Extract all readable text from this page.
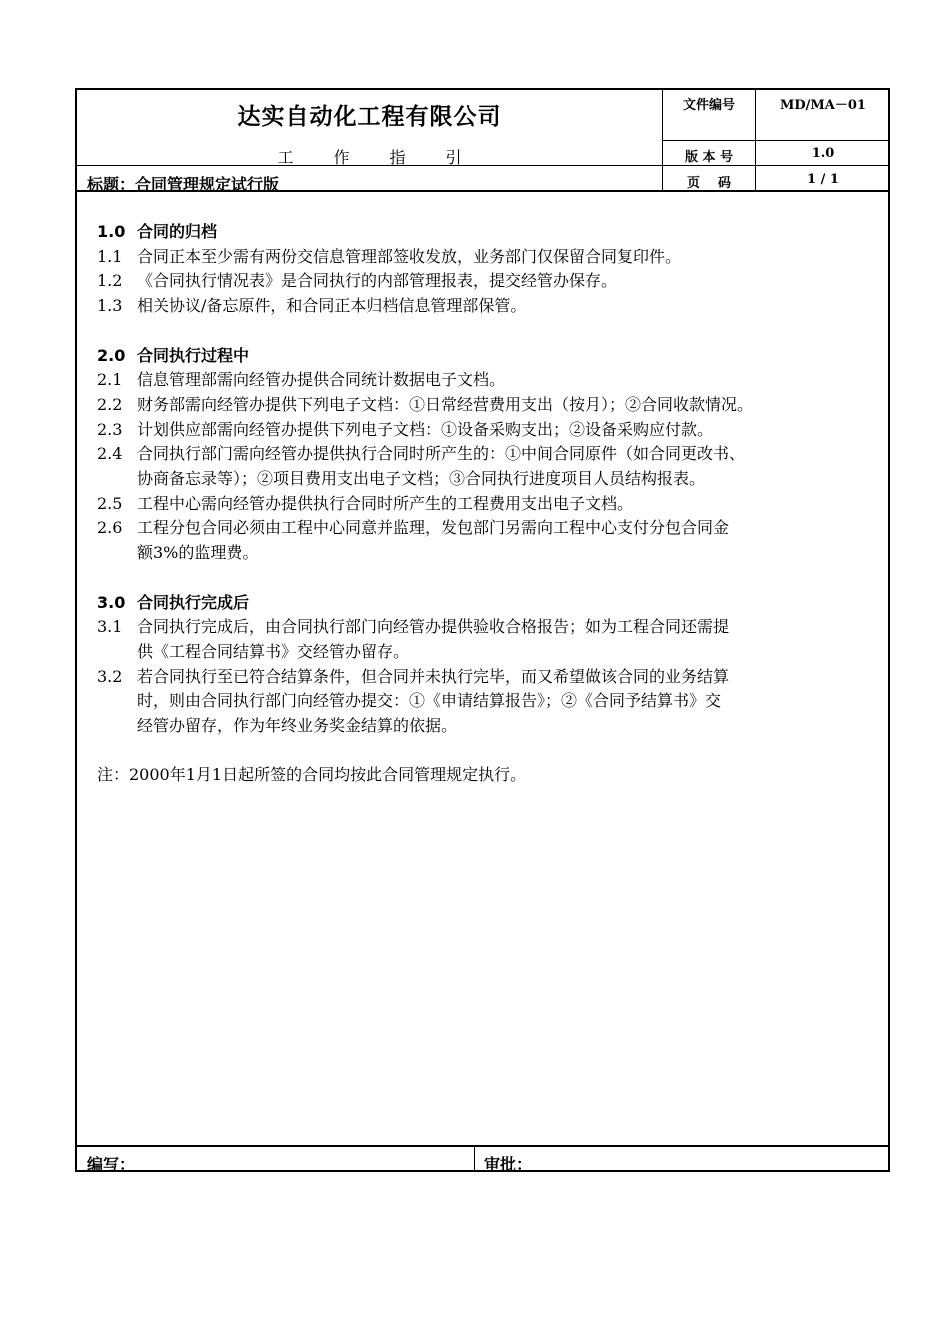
达实自动化工程有限公司
工作指引
标题：合同管理规定试行版
文件编号	MD/MA－01
版 本 号	1.0
页    码	1 / 1
1.0 合同的归档
1.1 合同正本至少需有两份交信息管理部签收发放，业务部门仅保留合同复印件。
1.2 《合同执行情况表》是合同执行的内部管理报表，提交经管办保存。
1.3 相关协议/备忘原件，和合同正本归档信息管理部保管。
2.0 合同执行过程中
2.1 信息管理部需向经管办提供合同统计数据电子文档。
2.2 财务部需向经管办提供下列电子文档：①日常经营费用支出（按月）；②合同收款情况。
2.3 计划供应部需向经管办提供下列电子文档：①设备采购支出；②设备采购应付款。
2.4 合同执行部门需向经管办提供执行合同时所产生的：①中间合同原件（如合同更改书、
协商备忘录等）；②项目费用支出电子文档；③合同执行进度项目人员结构报表。
2.5 工程中心需向经管办提供执行合同时所产生的工程费用支出电子文档。
2.6 工程分包合同必须由工程中心同意并监理，发包部门另需向工程中心支付分包合同金
额3%的监理费。
3.0 合同执行完成后
3.1 合同执行完成后，由合同执行部门向经管办提供验收合格报告；如为工程合同还需提
供《工程合同结算书》交经管办留存。
3.2 若合同执行至已符合结算条件，但合同并未执行完毕，而又希望做该合同的业务结算
时，则由合同执行部门向经管办提交：①《申请结算报告》；②《合同予结算书》交
经管办留存，作为年终业务奖金结算的依据。
注：2000年1月1日起所签的合同均按此合同管理规定执行。
编写：	审批：
